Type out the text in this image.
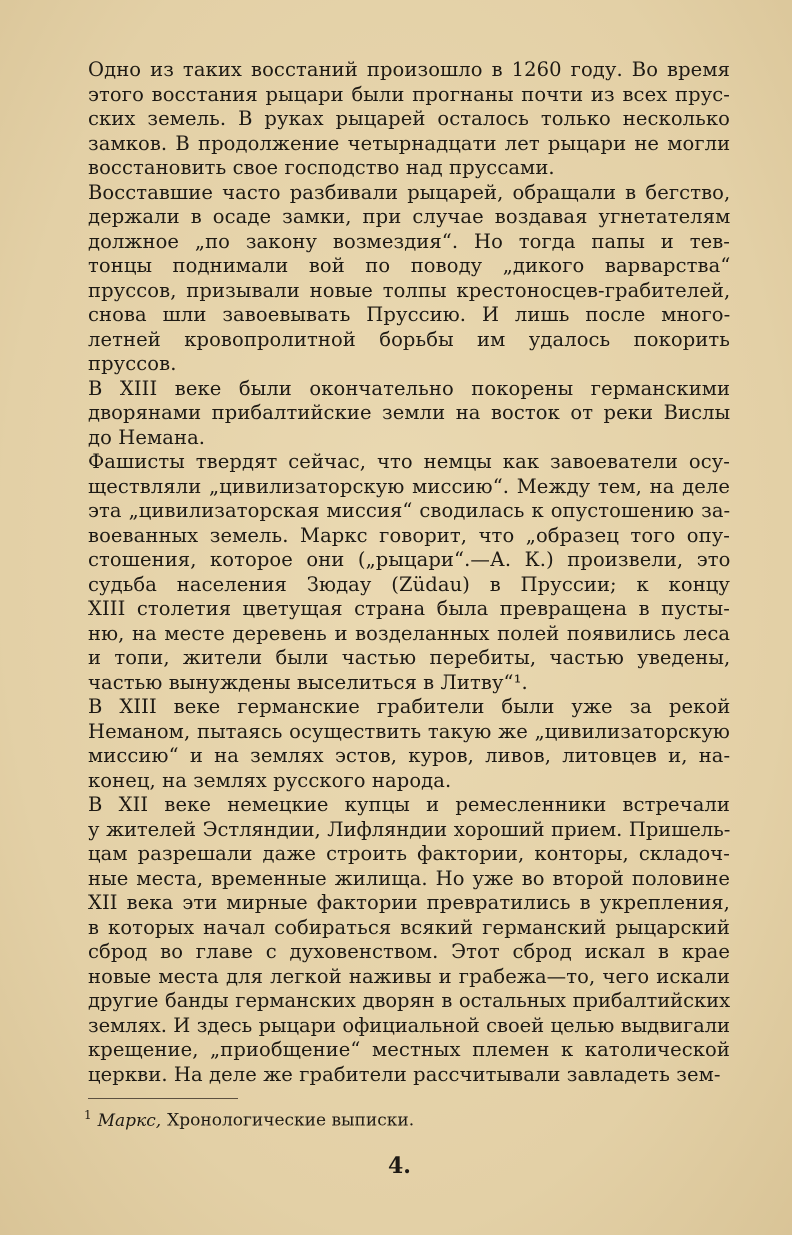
Одно из таких восстаний произошло в 1260 году. Во время
этого восстания рыцари были прогнаны почти из всех прус-
ских земель. В руках рыцарей осталось только несколько
замков. В продолжение четырнадцати лет рыцари не могли
восстановить свое господство над пруссами.

Восставшие часто разбивали рыцарей, обращали в бегство,
держали в осаде замки, при случае воздавая угнетателям
должное „по закону возмездия“. Но тогда папы и тев-
тонцы поднимали вой по поводу „дикого варварства“
пруссов, призывали новые толпы крестоносцев-грабителей,
снова шли завоевывать Пруссию. И лишь после много-
летней кровопролитной борьбы им удалось покорить
пруссов.

В XIII веке были окончательно покорены германскими
дворянами прибалтийские земли на восток от реки Вислы
до Немана.

Фашисты твердят сейчас, что немцы как завоеватели осу-
ществляли „цивилизаторскую миссию“. Между тем, на деле
эта „цивилизаторская миссия“ сводилась к опустошению за-
воеванных земель. Маркс говорит, что „образец того опу-
стошения, которое они („рыцари“.—А. К.) произвели, это
судьба населения Зюдау (Züdau) в Пруссии; к концу
XIII столетия цветущая страна была превращена в пусты-
ню, на месте деревень и возделанных полей появились леса
и топи, жители были частью перебиты, частью уведены,
частью вынуждены выселиться в Литву“¹.

В XIII веке германские грабители были уже за рекой
Неманом, пытаясь осуществить такую же „цивилизаторскую
миссию“ и на землях эстов, куров, ливов, литовцев и, на-
конец, на землях русского народа.

В XII веке немецкие купцы и ремесленники встречали
у жителей Эстляндии, Лифляндии хороший прием. Пришель-
цам разрешали даже строить фактории, конторы, складоч-
ные места, временные жилища. Но уже во второй половине
XII века эти мирные фактории превратились в укрепления,
в которых начал собираться всякий германский рыцарский
сброд во главе с духовенством. Этот сброд искал в крае
новые места для легкой наживы и грабежа—то, чего искали
другие банды германских дворян в остальных прибалтийских
землях. И здесь рыцари официальной своей целью выдвигали
крещение, „приобщение“ местных племен к католической
церкви. На деле же грабители рассчитывали завладеть зем-

$^1$ Маркс, Хронологические выписки.
4.
